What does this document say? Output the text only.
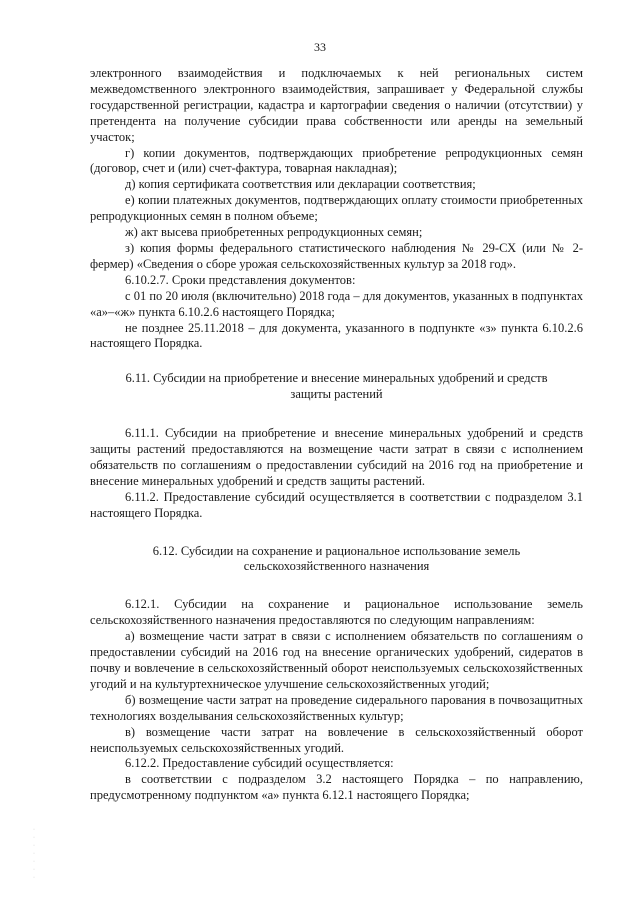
33

электронного взаимодействия и подключаемых к ней региональных систем межведомственного электронного взаимодействия, запрашивает у Федеральной службы государственной регистрации, кадастра и картографии сведения о наличии (отсутствии) у претендента на получение субсидии права собственности или аренды на земельный участок;

г) копии документов, подтверждающих приобретение репродукционных семян (договор, счет и (или) счет-фактура, товарная накладная);

д) копия сертификата соответствия или декларации соответствия;

е) копии платежных документов, подтверждающих оплату стоимости приобретенных репродукционных семян в полном объеме;

ж) акт высева приобретенных репродукционных семян;

з) копия формы федерального статистического наблюдения № 29-СХ (или № 2-фермер) «Сведения о сборе урожая сельскохозяйственных культур за 2018 год».

6.10.2.7. Сроки представления документов:

с 01 по 20 июля (включительно) 2018 года – для документов, указанных в подпунктах «а»–«ж» пункта 6.10.2.6 настоящего Порядка;

не позднее 25.11.2018 – для документа, указанного в подпункте «з» пункта 6.10.2.6 настоящего Порядка.

6.11. Субсидии на приобретение и внесение минеральных удобрений и средств защиты растений

6.11.1. Субсидии на приобретение и внесение минеральных удобрений и средств защиты растений предоставляются на возмещение части затрат в связи с исполнением обязательств по соглашениям о предоставлении субсидий на 2016 год на приобретение и внесение минеральных удобрений и средств защиты растений.

6.11.2. Предоставление субсидий осуществляется в соответствии с подразделом 3.1 настоящего Порядка.

6.12. Субсидии на сохранение и рациональное использование земель сельскохозяйственного назначения

6.12.1. Субсидии на сохранение и рациональное использование земель сельскохозяйственного назначения предоставляются по следующим направлениям:

а) возмещение части затрат в связи с исполнением обязательств по соглашениям о предоставлении субсидий на 2016 год на внесение органических удобрений, сидератов в почву и вовлечение в сельскохозяйственный оборот неиспользуемых сельскохозяйственных угодий и на культуртехническое улучшение сельскохозяйственных угодий;

б) возмещение части затрат на проведение сидерального парования в почвозащитных технологиях возделывания сельскохозяйственных культур;

в) возмещение части затрат на вовлечение в сельскохозяйственный оборот неиспользуемых сельскохозяйственных угодий.

6.12.2. Предоставление субсидий осуществляется:

в соответствии с подразделом 3.2 настоящего Порядка – по направлению, предусмотренному подпунктом «а» пункта 6.12.1 настоящего Порядка;

·
·
·
·
·
·
·
